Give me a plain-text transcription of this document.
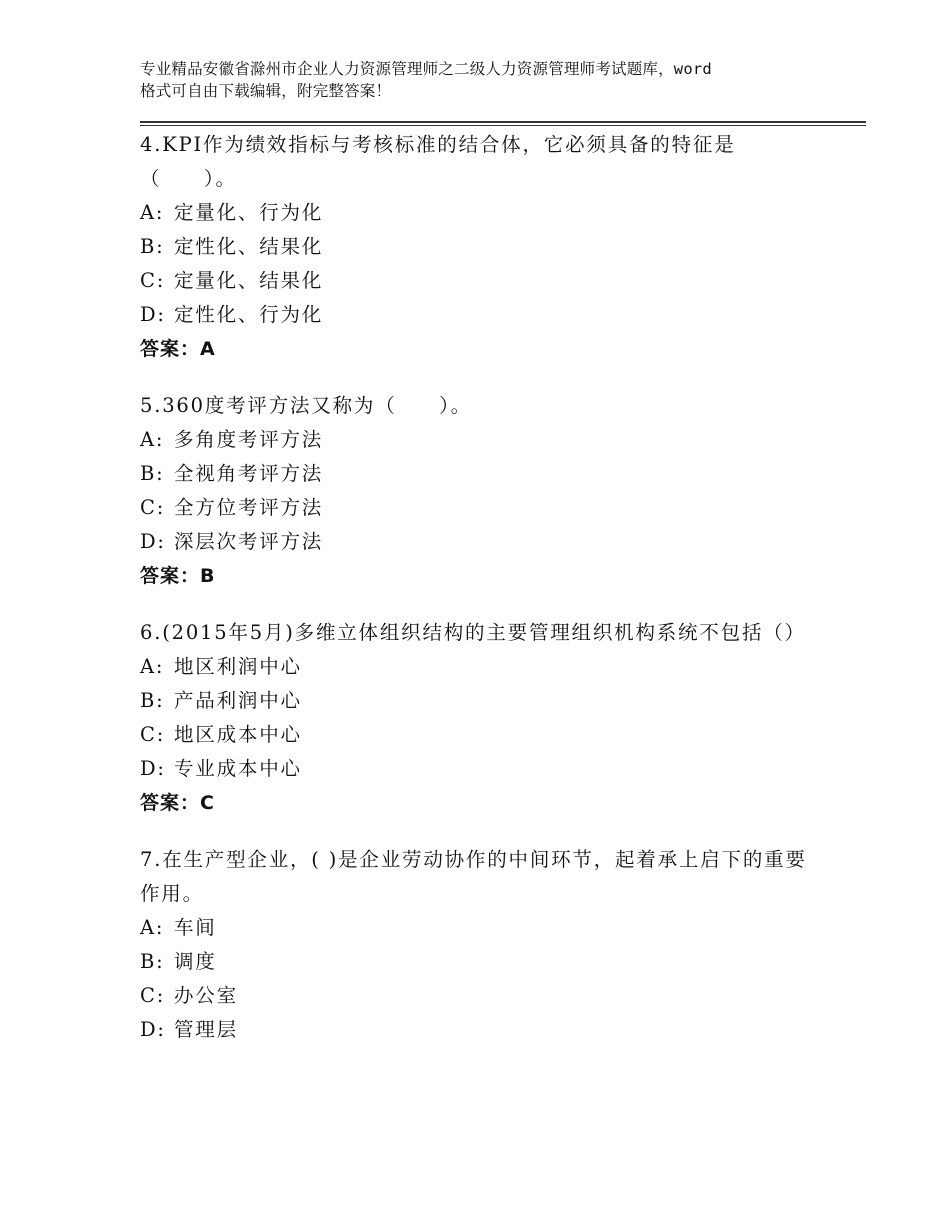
专业精品安徽省滁州市企业人力资源管理师之二级人力资源管理师考试题库，word
格式可自由下载编辑，附完整答案！
4.KPI作为绩效指标与考核标准的结合体，它必须具备的特征是（　　）。
A: 定量化、行为化
B: 定性化、结果化
C: 定量化、结果化
D: 定性化、行为化
答案：A
5.360度考评方法又称为（　　）。
A: 多角度考评方法
B: 全视角考评方法
C: 全方位考评方法
D: 深层次考评方法
答案：B
6.(2015年5月)多维立体组织结构的主要管理组织机构系统不包括（）
A: 地区利润中心
B: 产品利润中心
C: 地区成本中心
D: 专业成本中心
答案：C
7.在生产型企业，( )是企业劳动协作的中间环节，起着承上启下的重要作用。
A: 车间
B: 调度
C: 办公室
D: 管理层
